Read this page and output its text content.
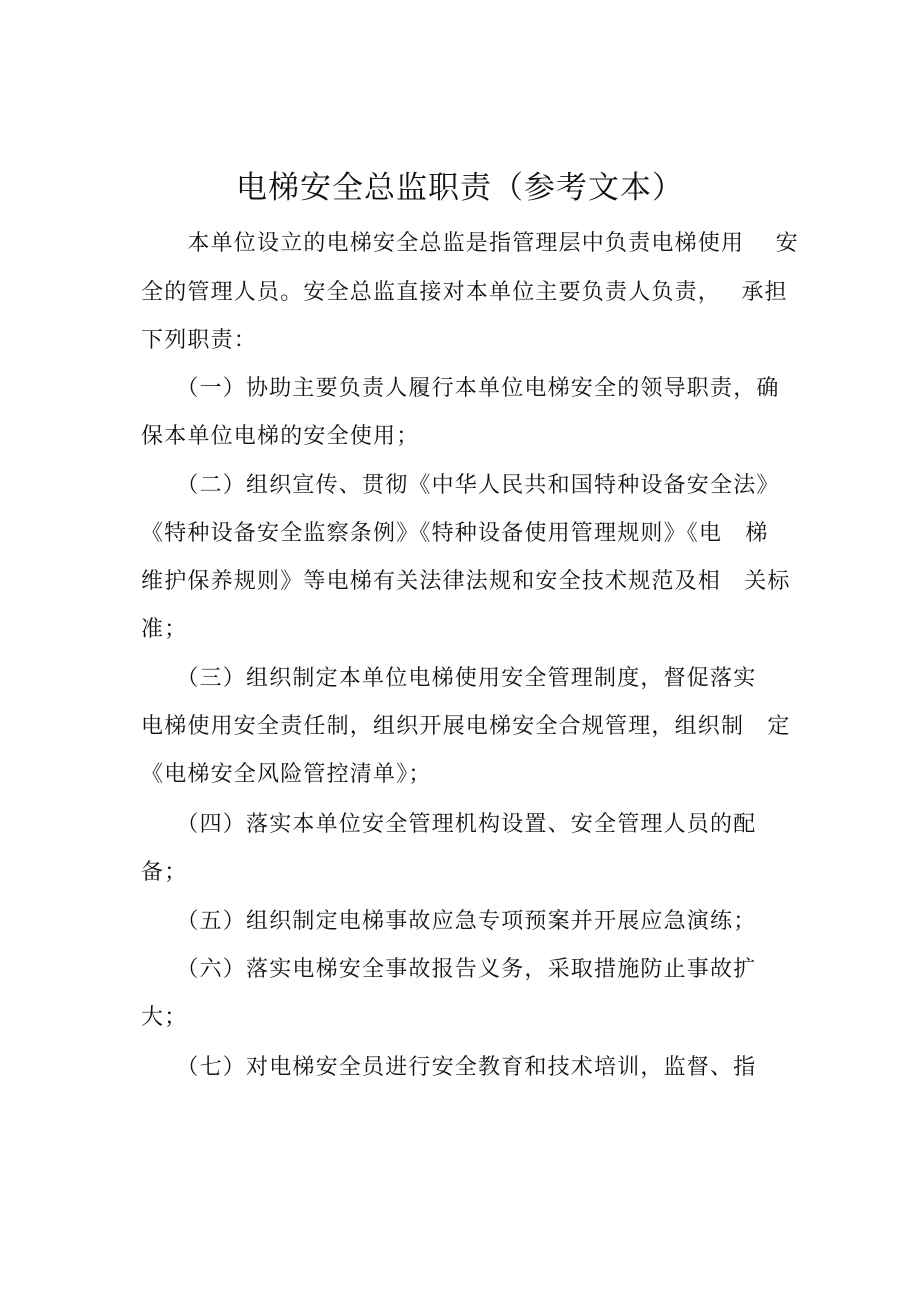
电梯安全总监职责（参考文本）
　　本单位设立的电梯安全总监是指管理层中负责电梯使用　 安
全的管理人员。安全总监直接对本单位主要负责人负责，　 承担
下列职责：
　　（一）协助主要负责人履行本单位电梯安全的领导职责，确
保本单位电梯的安全使用；
　　（二）组织宣传、贯彻《中华人民共和国特种设备安全法》
《特种设备安全监察条例》《特种设备使用管理规则》《电　梯
维护保养规则》等电梯有关法律法规和安全技术规范及相　关标
准；
　　（三）组织制定本单位电梯使用安全管理制度，督促落实
电梯使用安全责任制，组织开展电梯安全合规管理，组织制　定
《电梯安全风险管控清单》；
　　（四）落实本单位安全管理机构设置、安全管理人员的配
备；
　　（五）组织制定电梯事故应急专项预案并开展应急演练；
　　（六）落实电梯安全事故报告义务，采取措施防止事故扩
大；
　　（七）对电梯安全员进行安全教育和技术培训，监督、指
